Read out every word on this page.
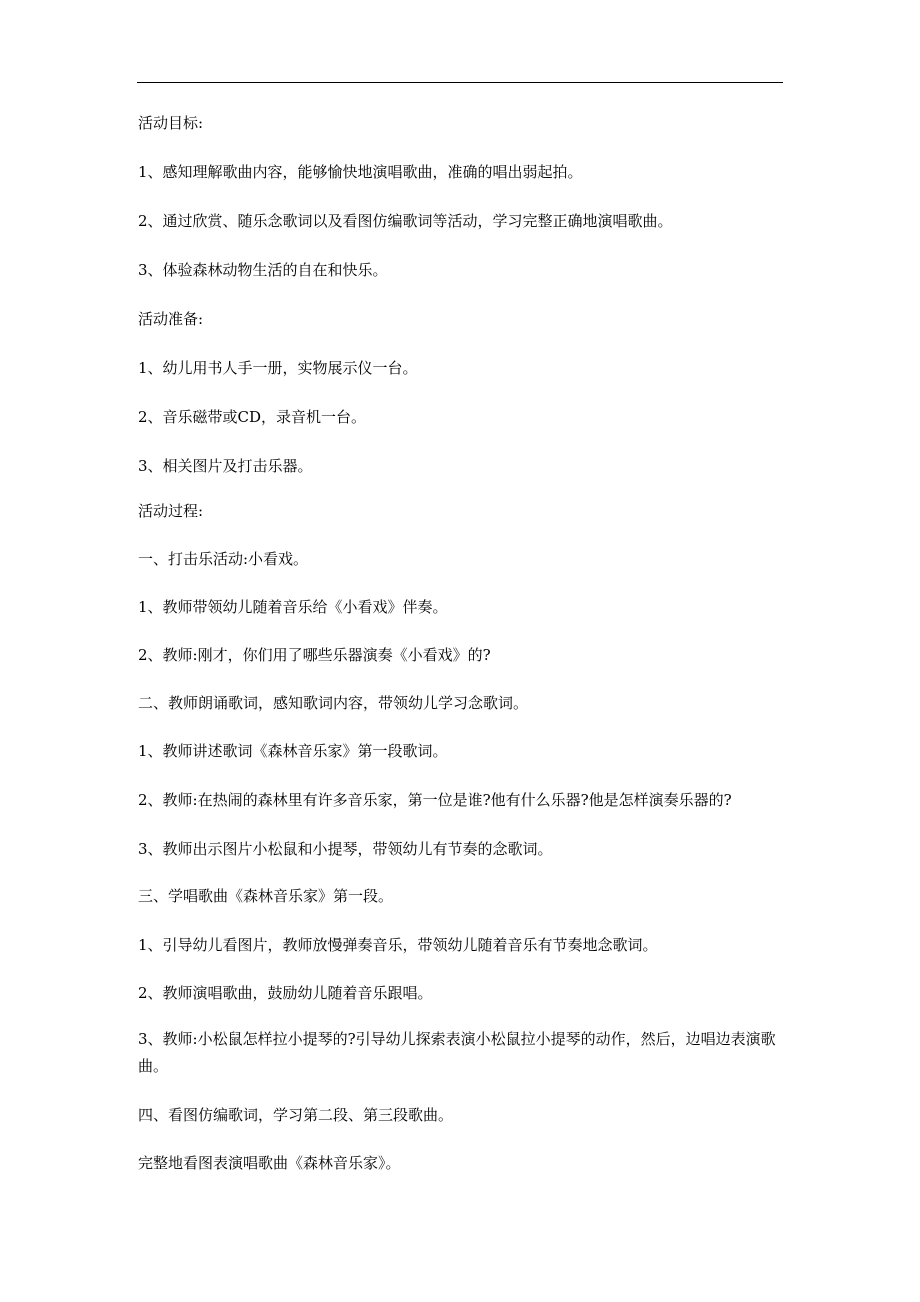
活动目标:
1、感知理解歌曲内容，能够愉快地演唱歌曲，准确的唱出弱起拍。
2、通过欣赏、随乐念歌词以及看图仿编歌词等活动，学习完整正确地演唱歌曲。
3、体验森林动物生活的自在和快乐。
活动准备:
1、幼儿用书人手一册，实物展示仪一台。
2、音乐磁带或CD，录音机一台。
3、相关图片及打击乐器。
活动过程:
一、打击乐活动:小看戏。
1、教师带领幼儿随着音乐给《小看戏》伴奏。
2、教师:刚才，你们用了哪些乐器演奏《小看戏》的?
二、教师朗诵歌词，感知歌词内容，带领幼儿学习念歌词。
1、教师讲述歌词《森林音乐家》第一段歌词。
2、教师:在热闹的森林里有许多音乐家，第一位是谁?他有什么乐器?他是怎样演奏乐器的?
3、教师出示图片小松鼠和小提琴，带领幼儿有节奏的念歌词。
三、学唱歌曲《森林音乐家》第一段。
1、引导幼儿看图片，教师放慢弹奏音乐，带领幼儿随着音乐有节奏地念歌词。
2、教师演唱歌曲，鼓励幼儿随着音乐跟唱。
3、教师:小松鼠怎样拉小提琴的?引导幼儿探索表演小松鼠拉小提琴的动作，然后，边唱边表演歌曲。
四、看图仿编歌词，学习第二段、第三段歌曲。
完整地看图表演唱歌曲《森林音乐家》。
